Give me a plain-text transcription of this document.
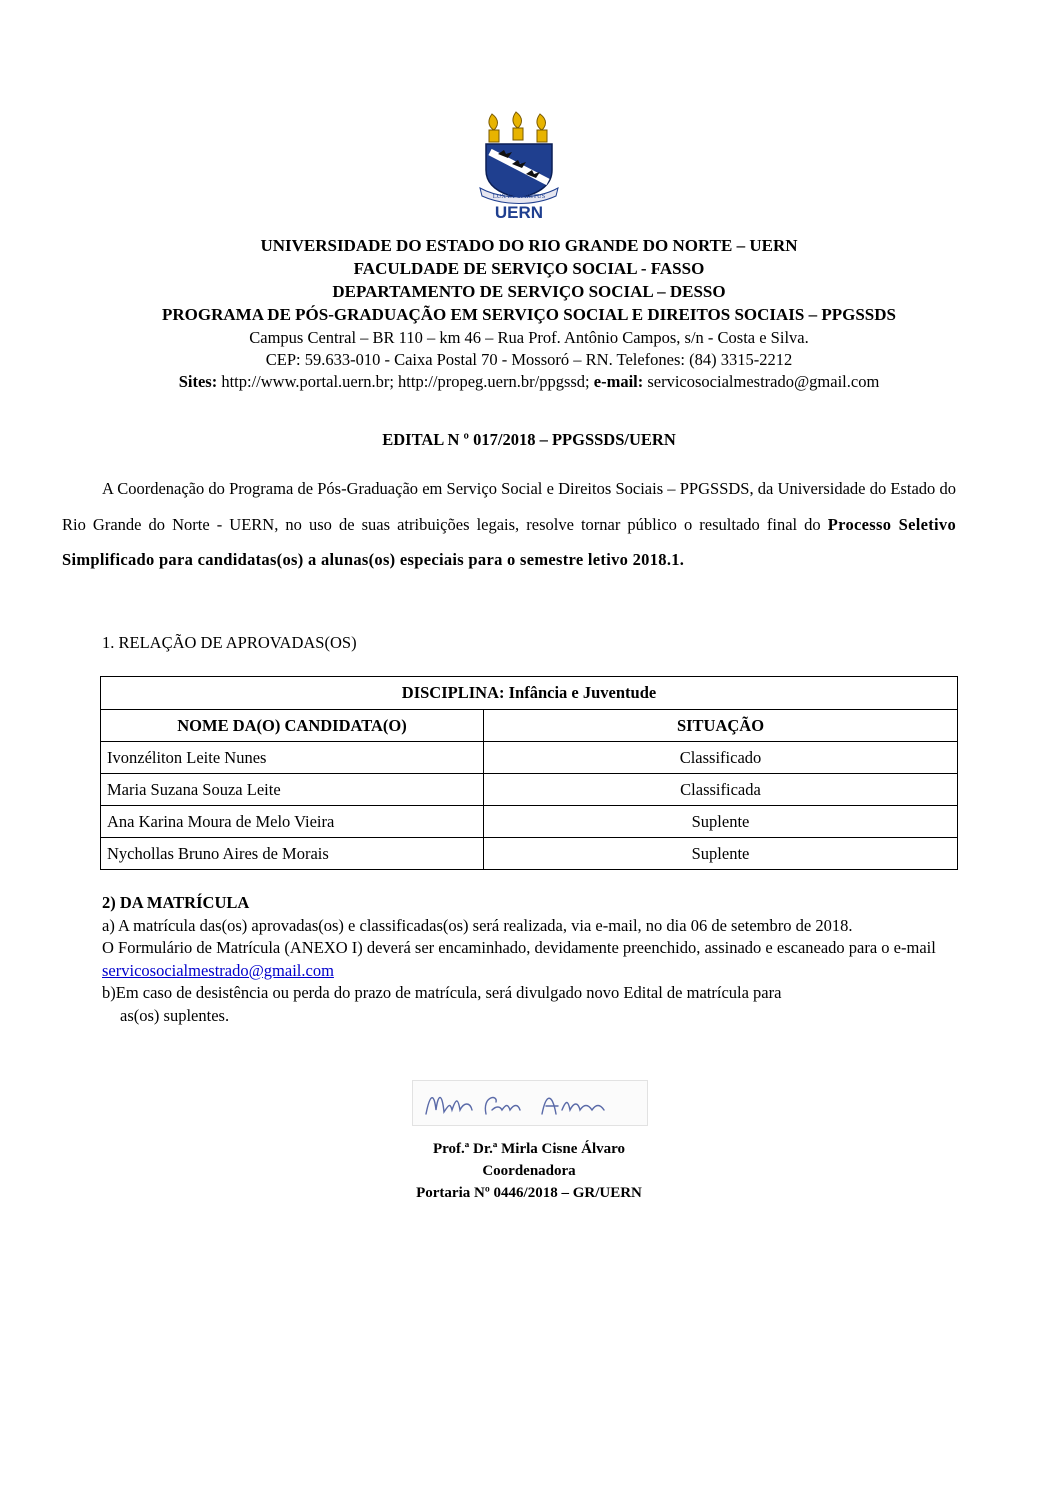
LUX ET SPIRITUS
UERN
UNIVERSIDADE DO ESTADO DO RIO GRANDE DO NORTE – UERN
FACULDADE DE SERVIÇO SOCIAL - FASSO
DEPARTAMENTO DE SERVIÇO SOCIAL – DESSO
PROGRAMA DE PÓS-GRADUAÇÃO EM SERVIÇO SOCIAL E DIREITOS SOCIAIS – PPGSSDS
Campus Central – BR 110 – km 46 – Rua Prof. Antônio Campos, s/n - Costa e Silva.
CEP: 59.633-010 - Caixa Postal 70 - Mossoró – RN. Telefones: (84) 3315-2212
Sites: http://www.portal.uern.br; http://propeg.uern.br/ppgssd; e-mail: servicosocialmestrado@gmail.com
EDITAL N º 017/2018 – PPGSSDS/UERN
A Coordenação do Programa de Pós-Graduação em Serviço Social e Direitos Sociais – PPGSSDS, da Universidade do Estado do Rio Grande do Norte - UERN, no uso de suas atribuições legais, resolve tornar público o resultado final do Processo Seletivo Simplificado para candidatas(os) a alunas(os) especiais para o semestre letivo 2018.1.
1. RELAÇÃO DE APROVADAS(OS)
DISCIPLINA: Infância e Juventude	
NOME DA(O) CANDIDATA(O)	SITUAÇÃO
Ivonzéliton Leite Nunes	Classificado
Maria Suzana Souza Leite	Classificada
Ana Karina Moura de Melo Vieira	Suplente
Nychollas Bruno Aires de Morais	Suplente
2) DA MATRÍCULA
a) A matrícula das(os) aprovadas(os) e classificadas(os) será realizada, via e-mail, no dia 06 de setembro de 2018.
O Formulário de Matrícula (ANEXO I) deverá ser encaminhado, devidamente preenchido, assinado e escaneado para o e-mail servicosocialmestrado@gmail.com
b)Em caso de desistência ou perda do prazo de matrícula, será divulgado novo Edital de matrícula para
as(os) suplentes.
Prof.ª Dr.ª Mirla Cisne Álvaro
Coordenadora
Portaria Nº 0446/2018 – GR/UERN
